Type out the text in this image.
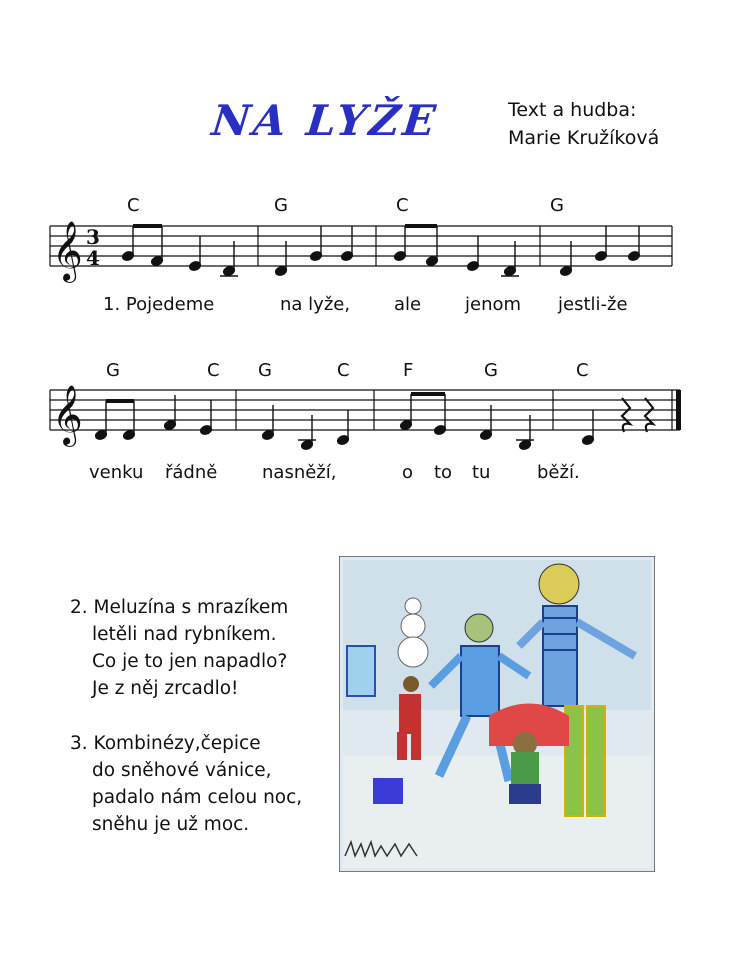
NA LYŽE	Text a hudba:
Marie Kružíková
𝄞 3
4
C	G	C	G
1. Pojedeme	na lyže, ale jenom jestli-že
𝄞
G	C G	C	F	G	C
venku řádně nasněží,	o to tu	běží.
2. Meluzína s mrazíkem
letěli nad rybníkem.
Co je to jen napadlo?
Je z něj zrcadlo!
3. Kombinézy,čepice
do sněhové vánice,
padalo nám celou noc,
sněhu je už moc.
